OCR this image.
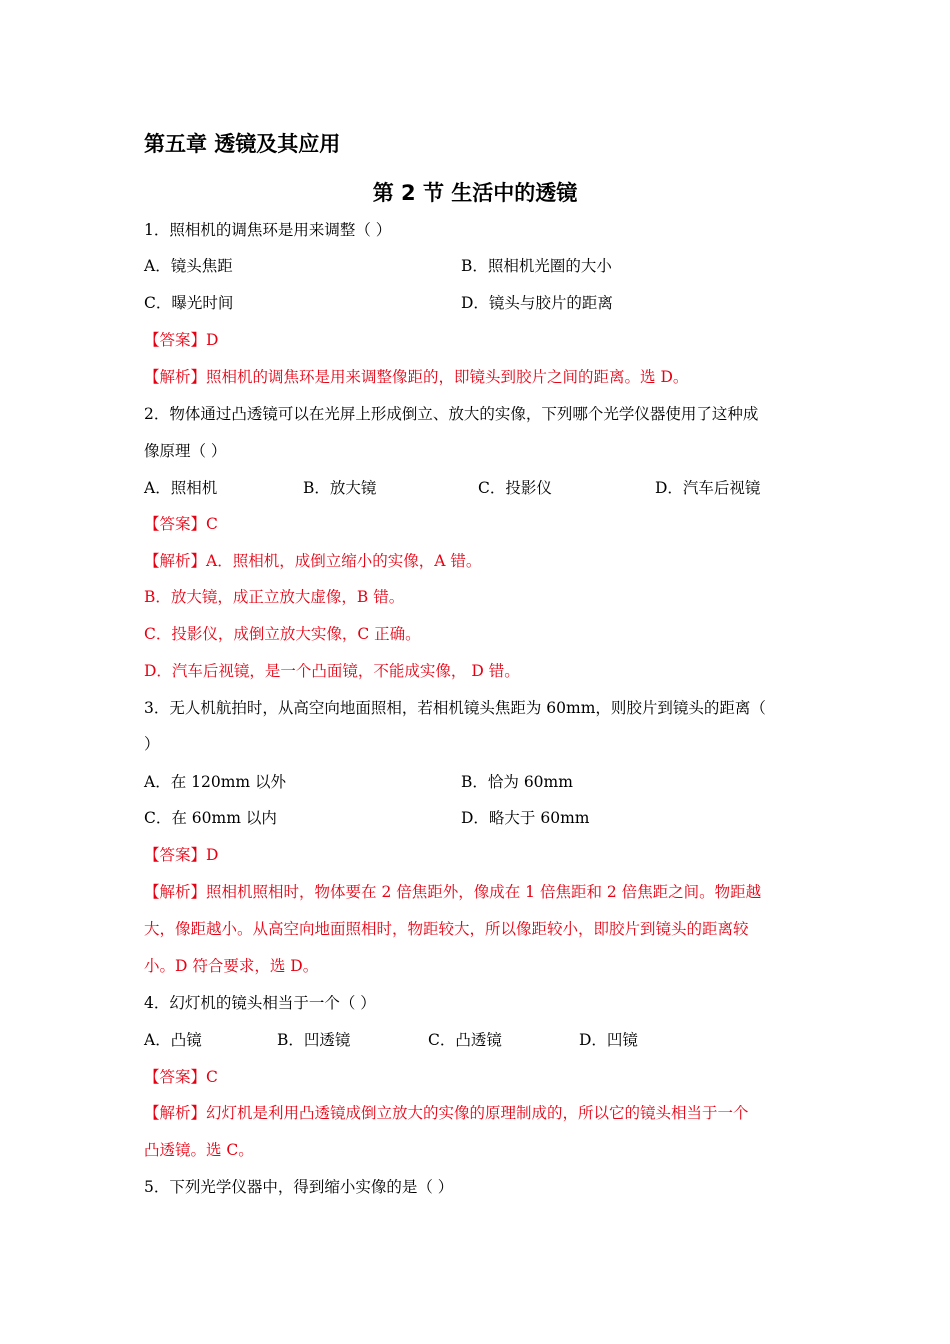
第五章 透镜及其应用
第 2 节 生活中的透镜
1．照相机的调焦环是用来调整（ ）
A．镜头焦距	B．照相机光圈的大小
C．曝光时间	D．镜头与胶片的距离
【答案】D
【解析】照相机的调焦环是用来调整像距的，即镜头到胶片之间的距离。选 D。
2．物体通过凸透镜可以在光屏上形成倒立、放大的实像，下列哪个光学仪器使用了这种成
像原理（ ）
A．照相机	B．放大镜	C．投影仪	D．汽车后视镜
【答案】C
【解析】A．照相机，成倒立缩小的实像，A 错。
B．放大镜，成正立放大虚像，B 错。
C．投影仪，成倒立放大实像，C 正确。
D．汽车后视镜，是一个凸面镜，不能成实像， D 错。
3．无人机航拍时，从高空向地面照相，若相机镜头焦距为 60mm，则胶片到镜头的距离（
）
A．在 120mm 以外	B．恰为 60mm
C．在 60mm 以内	D．略大于 60mm
【答案】D
【解析】照相机照相时，物体要在 2 倍焦距外，像成在 1 倍焦距和 2 倍焦距之间。物距越
大，像距越小。从高空向地面照相时，物距较大，所以像距较小，即胶片到镜头的距离较
小。D 符合要求，选 D。
4．幻灯机的镜头相当于一个（ ）
A．凸镜	B．凹透镜	C．凸透镜	D．凹镜
【答案】C
【解析】幻灯机是利用凸透镜成倒立放大的实像的原理制成的，所以它的镜头相当于一个
凸透镜。选 C。
5．下列光学仪器中，得到缩小实像的是（ ）
